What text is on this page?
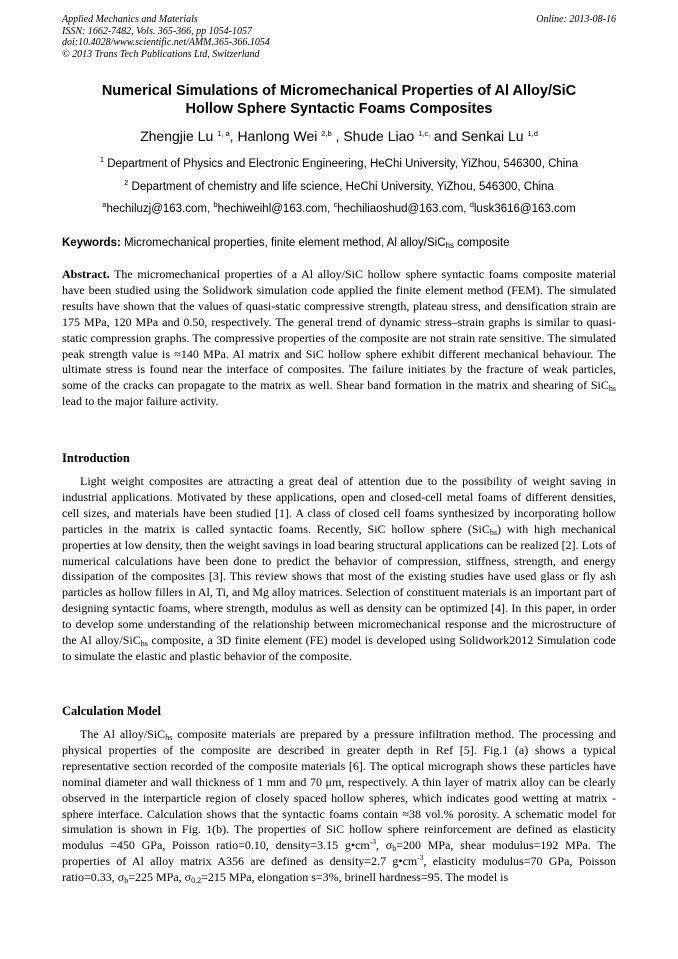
Applied Mechanics and Materials
ISSN: 1662-7482, Vols. 365-366, pp 1054-1057
doi:10.4028/www.scientific.net/AMM.365-366.1054
© 2013 Trans Tech Publications Ltd, Switzerland
Online: 2013-08-16
Numerical Simulations of Micromechanical Properties of Al Alloy/SiC
Hollow Sphere Syntactic Foams Composites
Zhengjie Lu $^{1, a}$, Hanlong Wei $^{2,b}$ , Shude Liao $^{1,c,}$ and Senkai Lu $^{1,d}$
$^1$ Department of Physics and Electronic Engineering, HeChi University, YiZhou, 546300, China
$^2$ Department of chemistry and life science, HeChi University, YiZhou, 546300, China
$^a$hechiluzj@163.com, $^b$hechiweihl@163.com, $^c$hechiliaoshud@163.com, $^d$lusk3616@163.com
Keywords: Micromechanical properties, finite element method, Al alloy/SiC$_{hs}$ composite
Abstract. The micromechanical properties of a Al alloy/SiC hollow sphere syntactic foams composite material have been studied using the Solidwork simulation code applied the finite element method (FEM). The simulated results have shown that the values of quasi-static compressive strength, plateau stress, and densification strain are 175 MPa, 120 MPa and 0.50, respectively. The general trend of dynamic stress–strain graphs is similar to quasi-static compression graphs. The compressive properties of the composite are not strain rate sensitive. The simulated peak strength value is ≈140 MPa. Al matrix and SiC hollow sphere exhibit different mechanical behaviour. The ultimate stress is found near the interface of composites. The failure initiates by the fracture of weak particles, some of the cracks can propagate to the matrix as well. Shear band formation in the matrix and shearing of SiC$_{hs}$ lead to the major failure activity.
Introduction
Light weight composites are attracting a great deal of attention due to the possibility of weight saving in industrial applications. Motivated by these applications, open and closed-cell metal foams of different densities, cell sizes, and materials have been studied [1]. A class of closed cell foams synthesized by incorporating hollow particles in the matrix is called syntactic foams. Recently, SiC hollow sphere (SiC$_{hs}$) with high mechanical properties at low density, then the weight savings in load bearing structural applications can be realized [2]. Lots of numerical calculations have been done to predict the behavior of compression, stiffness, strength, and energy dissipation of the composites [3]. This review shows that most of the existing studies have used glass or fly ash particles as hollow fillers in Al, Ti, and Mg alloy matrices. Selection of constituent materials is an important part of designing syntactic foams, where strength, modulus as well as density can be optimized [4]. In this paper, in order to develop some understanding of the relationship between micromechanical response and the microstructure of the Al alloy/SiC$_{hs}$ composite, a 3D finite element (FE) model is developed using Solidwork2012 Simulation code to simulate the elastic and plastic behavior of the composite.
Calculation Model
The Al alloy/SiC$_{hs}$ composite materials are prepared by a pressure infiltration method. The processing and physical properties of the composite are described in greater depth in Ref [5]. Fig.1 (a) shows a typical representative section recorded of the composite materials [6]. The optical micrograph shows these particles have nominal diameter and wall thickness of 1 mm and 70 μm, respectively. A thin layer of matrix alloy can be clearly observed in the interparticle region of closely spaced hollow spheres, which indicates good wetting at matrix - sphere interface. Calculation shows that the syntactic foams contain ≈38 vol.% porosity. A schematic model for simulation is shown in Fig. 1(b). The properties of SiC hollow sphere reinforcement are defined as elasticity modulus =450 GPa, Poisson ratio=0.10, density=3.15 $g•cm^{-3}$, $\sigma_b=200$ MPa, shear modulus=192 MPa. The properties of Al alloy matrix A356 are defined as density=2.7 $g•cm^{-3}$, elasticity modulus=70 GPa, Poisson ratio=0.33, $\sigma_b=225$ MPa, $\sigma_{0.2}=215$ MPa, elongation s=3%, brinell hardness=95. The model is
